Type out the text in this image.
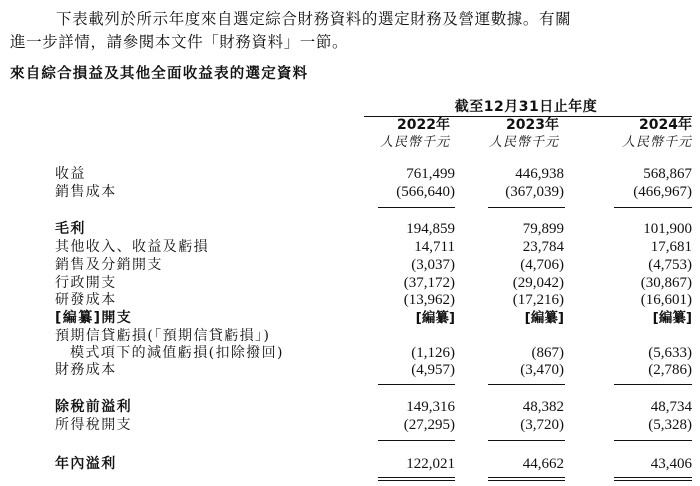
下表載列於所示年度來自選定綜合財務資料的選定財務及營運數據。有關

進一步詳情，請參閱本文件「財務資料」一節。

來自綜合損益及其他全面收益表的選定資料
截至12月31日止年度
2022年
人民幣千元
2023年
人民幣千元
2024年
人民幣千元
收益	761,499	446,938	568,867
銷售成本	(566,640)	(367,039)	(466,967)
毛利	194,859	79,899	101,900
其他收入、收益及虧損	14,711	23,784	17,681
銷售及分銷開支	(3,037)	(4,706)	(4,753)
行政開支	(37,172)	(29,042)	(30,867)
研發成本	(13,962)	(17,216)	(16,601)
[編纂]開支	[編纂]	[編纂]	[編纂]
預期信貸虧損(「預期信貸虧損」)
模式項下的減值虧損(扣除撥回)	(1,126)	(867)	(5,633)
財務成本	(4,957)	(3,470)	(2,786)
除稅前溢利	149,316	48,382	48,734
所得稅開支	(27,295)	(3,720)	(5,328)
年內溢利	122,021	44,662	43,406
